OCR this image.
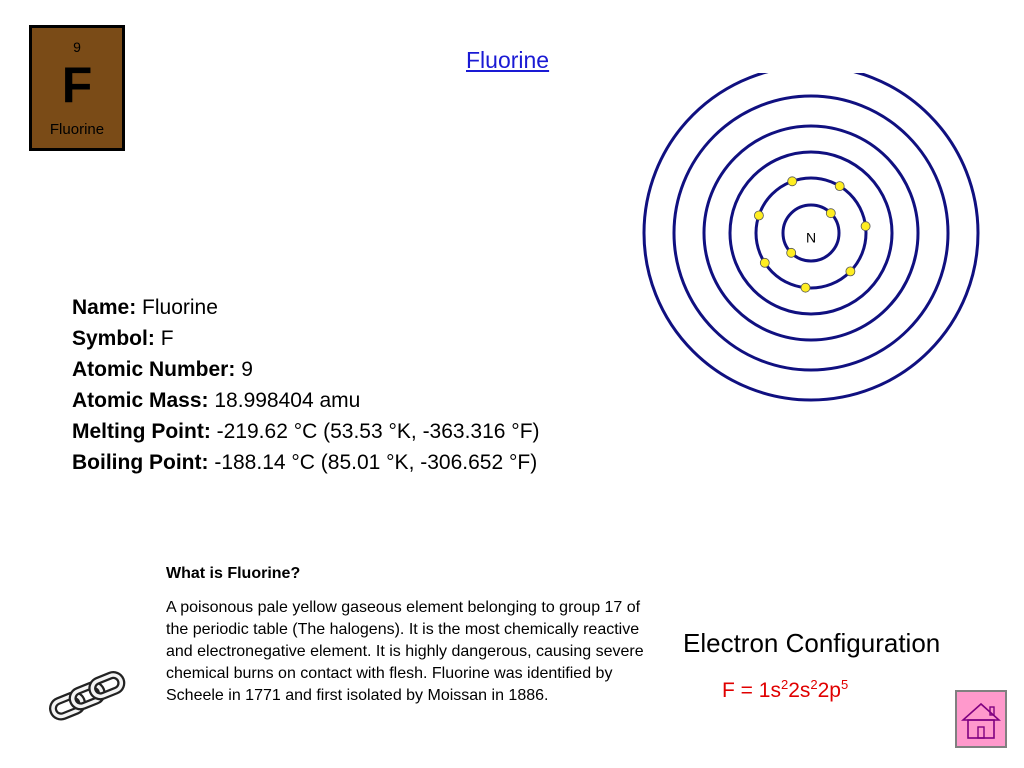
9
F
Fluorine
Fluorine
Name: Fluorine
Symbol: F
Atomic Number: 9
Atomic Mass: 18.998404 amu
Melting Point: -219.62 °C (53.53 °K, -363.316 °F)
Boiling Point: -188.14 °C (85.01 °K, -306.652 °F)
N
What is Fluorine?

A poisonous pale yellow gaseous element belonging to group 17 of the periodic table (The halogens). It is the most chemically reactive and electronegative element. It is highly dangerous, causing severe chemical burns on contact with flesh. Fluorine was identified by Scheele in 1771 and first isolated by Moissan in 1886.

Electron Configuration
$F = 1s^22s^22p^5$
